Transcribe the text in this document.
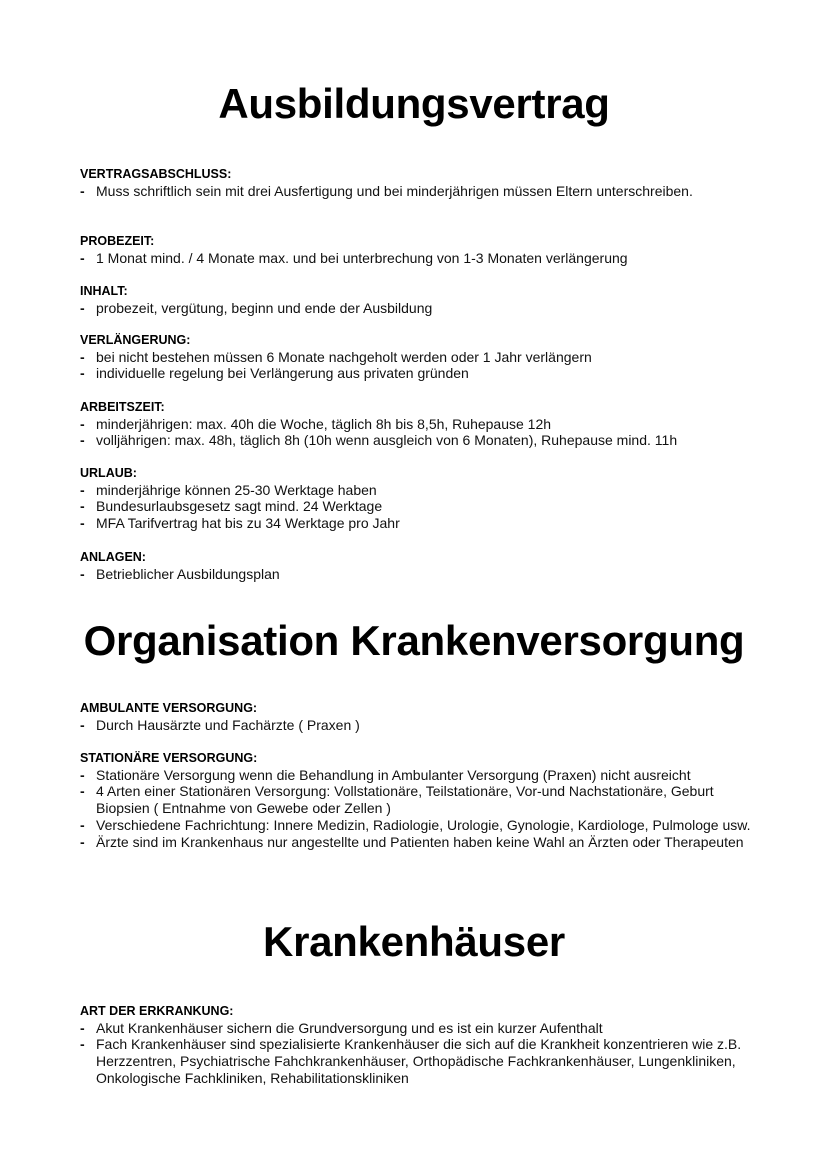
Ausbildungsvertrag

VERTRAGSABSCHLUSS:

- Muss schriftlich sein mit drei Ausfertigung und bei minderjährigen müssen Eltern unterschreiben.

PROBEZEIT:

- 1 Monat mind. / 4 Monate max. und bei unterbrechung von 1-3 Monaten verlängerung

INHALT:

- probezeit, vergütung, beginn und ende der Ausbildung

VERLÄNGERUNG:

- bei nicht bestehen müssen 6 Monate nachgeholt werden oder 1 Jahr verlängern
- individuelle regelung bei Verlängerung aus privaten gründen

ARBEITSZEIT:

- minderjährigen: max. 40h die Woche, täglich 8h bis 8,5h, Ruhepause 12h
- volljährigen: max. 48h, täglich 8h (10h wenn ausgleich von 6 Monaten), Ruhepause mind. 11h

URLAUB:

- minderjährige können 25-30 Werktage haben
- Bundesurlaubsgesetz sagt mind. 24 Werktage
- MFA Tarifvertrag hat bis zu 34 Werktage pro Jahr

ANLAGEN:

- Betrieblicher Ausbildungsplan
Organisation Krankenversorgung

AMBULANTE VERSORGUNG:

- Durch Hausärzte und Fachärzte ( Praxen )

STATIONÄRE VERSORGUNG:

- Stationäre Versorgung wenn die Behandlung in Ambulanter Versorgung (Praxen) nicht ausreicht
- 4 Arten einer Stationären Versorgung: Vollstationäre, Teilstationäre, Vor-und Nachstationäre, Geburt Biopsien ( Entnahme von Gewebe oder Zellen )
- Verschiedene Fachrichtung: Innere Medizin, Radiologie, Urologie, Gynologie, Kardiologe, Pulmologe usw.
- Ärzte sind im Krankenhaus nur angestellte und Patienten haben keine Wahl an Ärzten oder Therapeuten
Krankenhäuser

ART DER ERKRANKUNG:

- Akut Krankenhäuser sichern die Grundversorgung und es ist ein kurzer Aufenthalt
- Fach Krankenhäuser sind spezialisierte Krankenhäuser die sich auf die Krankheit konzentrieren wie z.B. Herzzentren, Psychiatrische Fahchkrankenhäuser, Orthopädische Fachkrankenhäuser, Lungenkliniken, Onkologische Fachkliniken, Rehabilitationskliniken
